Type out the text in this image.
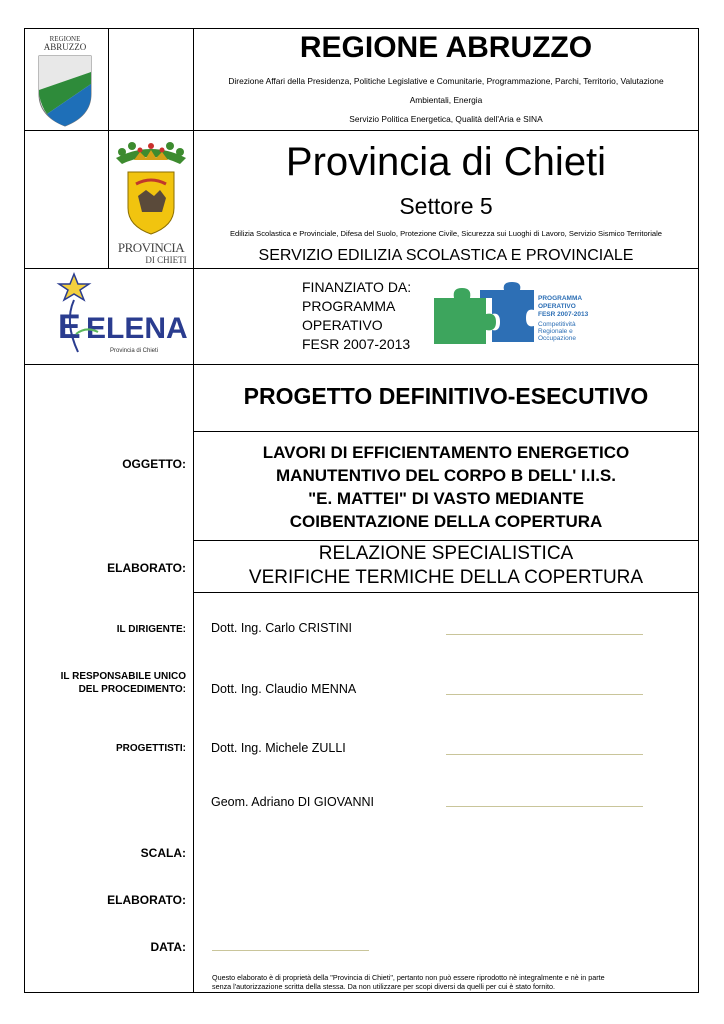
REGIONE
ABRUZZO	REGIONE ABRUZZO
Direzione Affari della Presidenza, Politiche Legislative e Comunitarie, Programmazione, Parchi, Territorio, Valutazione
Ambientali, Energia
Servizio Politica Energetica, Qualità dell'Aria e SINA
PROVINCIA
DI CHIETI
Provincia di Chieti
Settore 5
Edilizia Scolastica e Provinciale, Difesa del Suolo, Protezione Civile, Sicurezza sui Luoghi di Lavoro, Servizio Sismico Territoriale
SERVIZIO EDILIZIA SCOLASTICA E PROVINCIALE
E ELENA
Provincia di Chieti
FINANZIATO DA:
PROGRAMMA
OPERATIVO
FESR 2007-2013
PROGRAMMA
OPERATIVO
FESR 2007-2013
Competitività
Regionale e
Occupazione
PROGETTO DEFINITIVO-ESECUTIVO
OGGETTO:
LAVORI DI EFFICIENTAMENTO ENERGETICO
MANUTENTIVO DEL CORPO B DELL' I.I.S.
"E. MATTEI" DI VASTO MEDIANTE
COIBENTAZIONE DELLA COPERTURA
ELABORATO:
RELAZIONE SPECIALISTICA
VERIFICHE TERMICHE DELLA COPERTURA
IL DIRIGENTE: Dott. Ing. Carlo CRISTINI
IL RESPONSABILE UNICO
DEL PROCEDIMENTO: Dott. Ing. Claudio MENNA
PROGETTISTI: Dott. Ing. Michele ZULLI
Geom. Adriano DI GIOVANNI
SCALA:
ELABORATO:
DATA:
Questo elaborato è di proprietà della "Provincia di Chieti", pertanto non può essere riprodotto nè integralmente e nè in parte
senza l'autorizzazione scritta della stessa. Da non utilizzare per scopi diversi da quelli per cui è stato fornito.
